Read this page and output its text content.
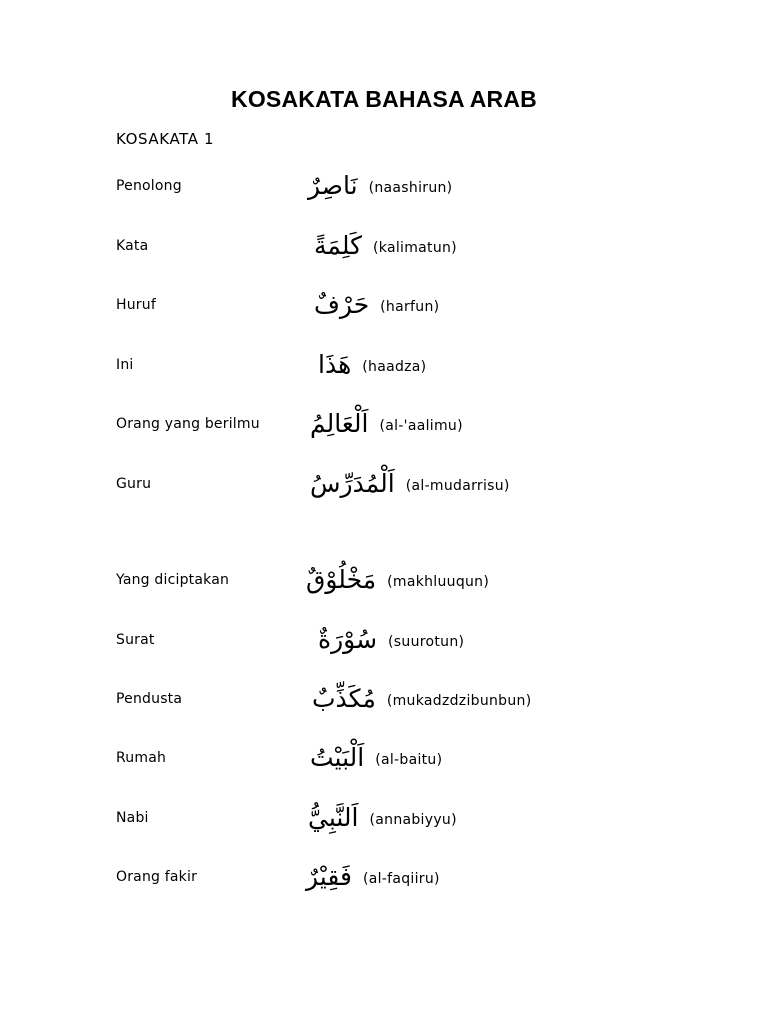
KOSAKATA BAHASA ARAB
KOSAKATA 1
Penolong	نَاصِرٌ (naashirun)
Kata	كَلِمَةً (kalimatun)
Huruf	حَرْفٌ (harfun)
Ini	هَذَا (haadza)
Orang yang berilmu اَلْعَالِمُ (al-'aalimu)
Guru	اَلْمُدَرِّسُ (al-mudarrisu)
Yang diciptakan	مَخْلُوْقٌ (makhluuqun)
Surat	سُوْرَةٌ (suurotun)
Pendusta	مُكَذِّبٌ (mukadzdzibunbun)
Rumah	اَلْبَيْتُ (al-baitu)
Nabi	اَلنَّبِيُّ (annabiyyu)
Orang fakir	فَقِيْرٌ (al-faqiiru)
